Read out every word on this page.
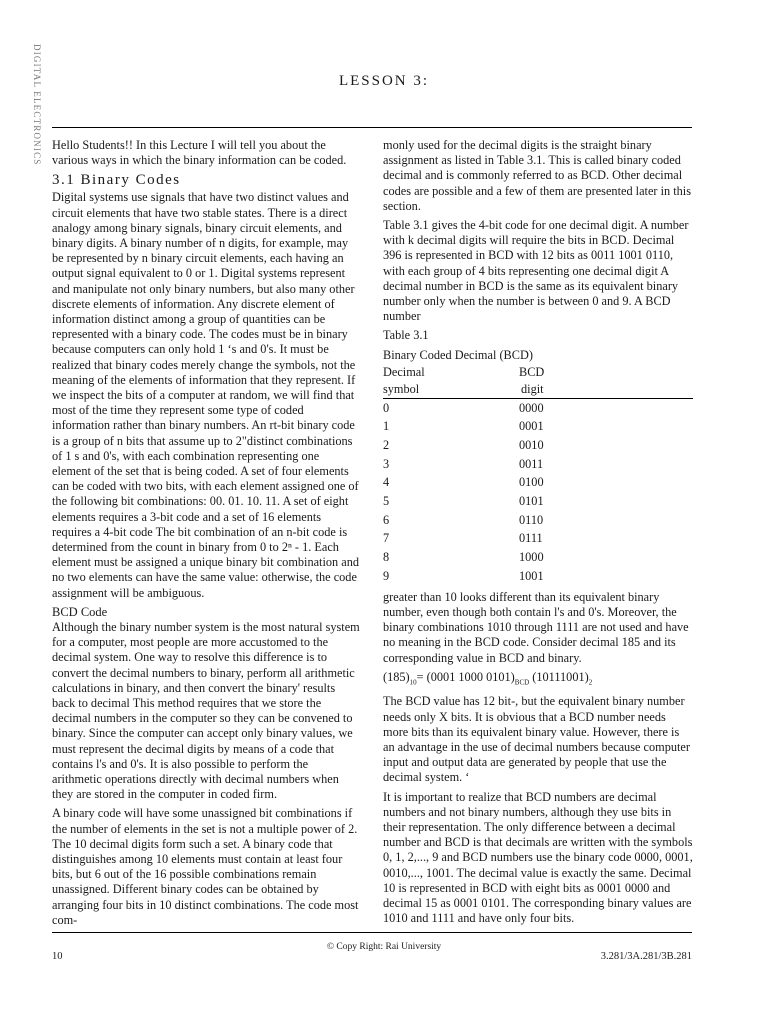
DIGITAL ELECTRONICS	LESSON 3:

Hello Students!! In this Lecture I will tell you about the various ways in which the binary information can be coded.

3.1 Binary Codes

Digital systems use signals that have two distinct values and circuit elements that have two stable states. There is a direct analogy among binary signals, binary circuit elements, and binary digits. A binary number of n digits, for example, may be represented by n binary circuit elements, each having an output signal equivalent to 0 or 1. Digital systems represent and manipulate not only binary numbers, but also many other discrete elements of information. Any discrete element of information distinct among a group of quantities can be represented with a binary code. The codes must be in binary because computers can only hold 1 ‘s and 0's. It must be realized that binary codes merely change the symbols, not the meaning of the elements of information that they represent. If we inspect the bits of a computer at random, we will find that most of the time they represent some type of coded information rather than binary numbers. An rt-bit binary code is a group of n bits that assume up to 2"distinct combinations of 1 s and 0's, with each combination representing one element of the set that is being coded. A set of four elements can be coded with two bits, with each element assigned one of the following bit combinations: 00. 01. 10. 11. A set of eight elements requires a 3-bit code and a set of 16 elements requires a 4-bit code The bit combination of an n-bit code is determined from the count in binary from 0 to 2ⁿ - 1. Each element must be assigned a unique binary bit combination and no two elements can have the same value: otherwise, the code assignment will be ambiguous.

BCD Code

Although the binary number system is the most natural system for a computer, most people are more accustomed to the decimal system. One way to resolve this difference is to convert the decimal numbers to binary, perform all arithmetic calculations in binary, and then convert the binary' results back to decimal This method requires that we store the decimal numbers in the computer so they can be convened to binary. Since the computer can accept only binary values, we must represent the decimal digits by means of a code that contains l's and 0's. It is also possible to perform the arithmetic operations directly with decimal numbers when they are stored in the computer in coded firm.

A binary code will have some unassigned bit combinations if the number of elements in the set is not a multiple power of 2. The 10 decimal digits form such a set. A binary code that distinguishes among 10 elements must contain at least four bits, but 6 out of the 16 possible combinations remain unassigned. Different binary codes can be obtained by arranging four bits in 10 distinct combinations. The code most com-

monly used for the decimal digits is the straight binary assignment as listed in Table 3.1. This is called binary coded decimal and is commonly referred to as BCD. Other decimal codes are possible and a few of them are presented later in this section.

Table 3.1 gives the 4-bit code for one decimal digit. A number with k decimal digits will require the bits in BCD. Decimal 396 is represented in BCD with 12 bits as 0011 1001 0110, with each group of 4 bits representing one decimal digit A decimal number in BCD is the same as its equivalent binary number only when the number is between 0 and 9. A BCD number

Table 3.1

Binary Coded Decimal (BCD)

Decimal	BCD
symbol	digit
0	0000
1	0001
2	0010
3	0011
4	0100
5	0101
6	0110
7	0111
8	1000
9	1001

greater than 10 looks different than its equivalent binary number, even though both contain l's and 0's. Moreover, the binary combinations 1010 through 1111 are not used and have no meaning in the BCD code. Consider decimal 185 and its corresponding value in BCD and binary.

$(185)_{10}= (0001$ 1000 $0101)_{BCD}$ $(10111001)_2$

The BCD value has 12 bit-, but the equivalent binary number needs only X bits. It is obvious that a BCD number needs more bits than its equivalent binary value. However, there is an advantage in the use of decimal numbers because computer input and output data are generated by people that use the decimal system. ‘

It is important to realize that BCD numbers are decimal numbers and not binary numbers, although they use bits in their representation. The only difference between a decimal number and BCD is that decimals are written with the symbols 0, 1, 2,..., 9 and BCD numbers use the binary code 0000, 0001, 0010,..., 1001. The decimal value is exactly the same. Decimal 10 is represented in BCD with eight bits as 0001 0000 and decimal 15 as 0001 0101. The corresponding binary values are 1010 and 1111 and have only four bits.

© Copy Right: Rai University
10	3.281/3A.281/3B.281
